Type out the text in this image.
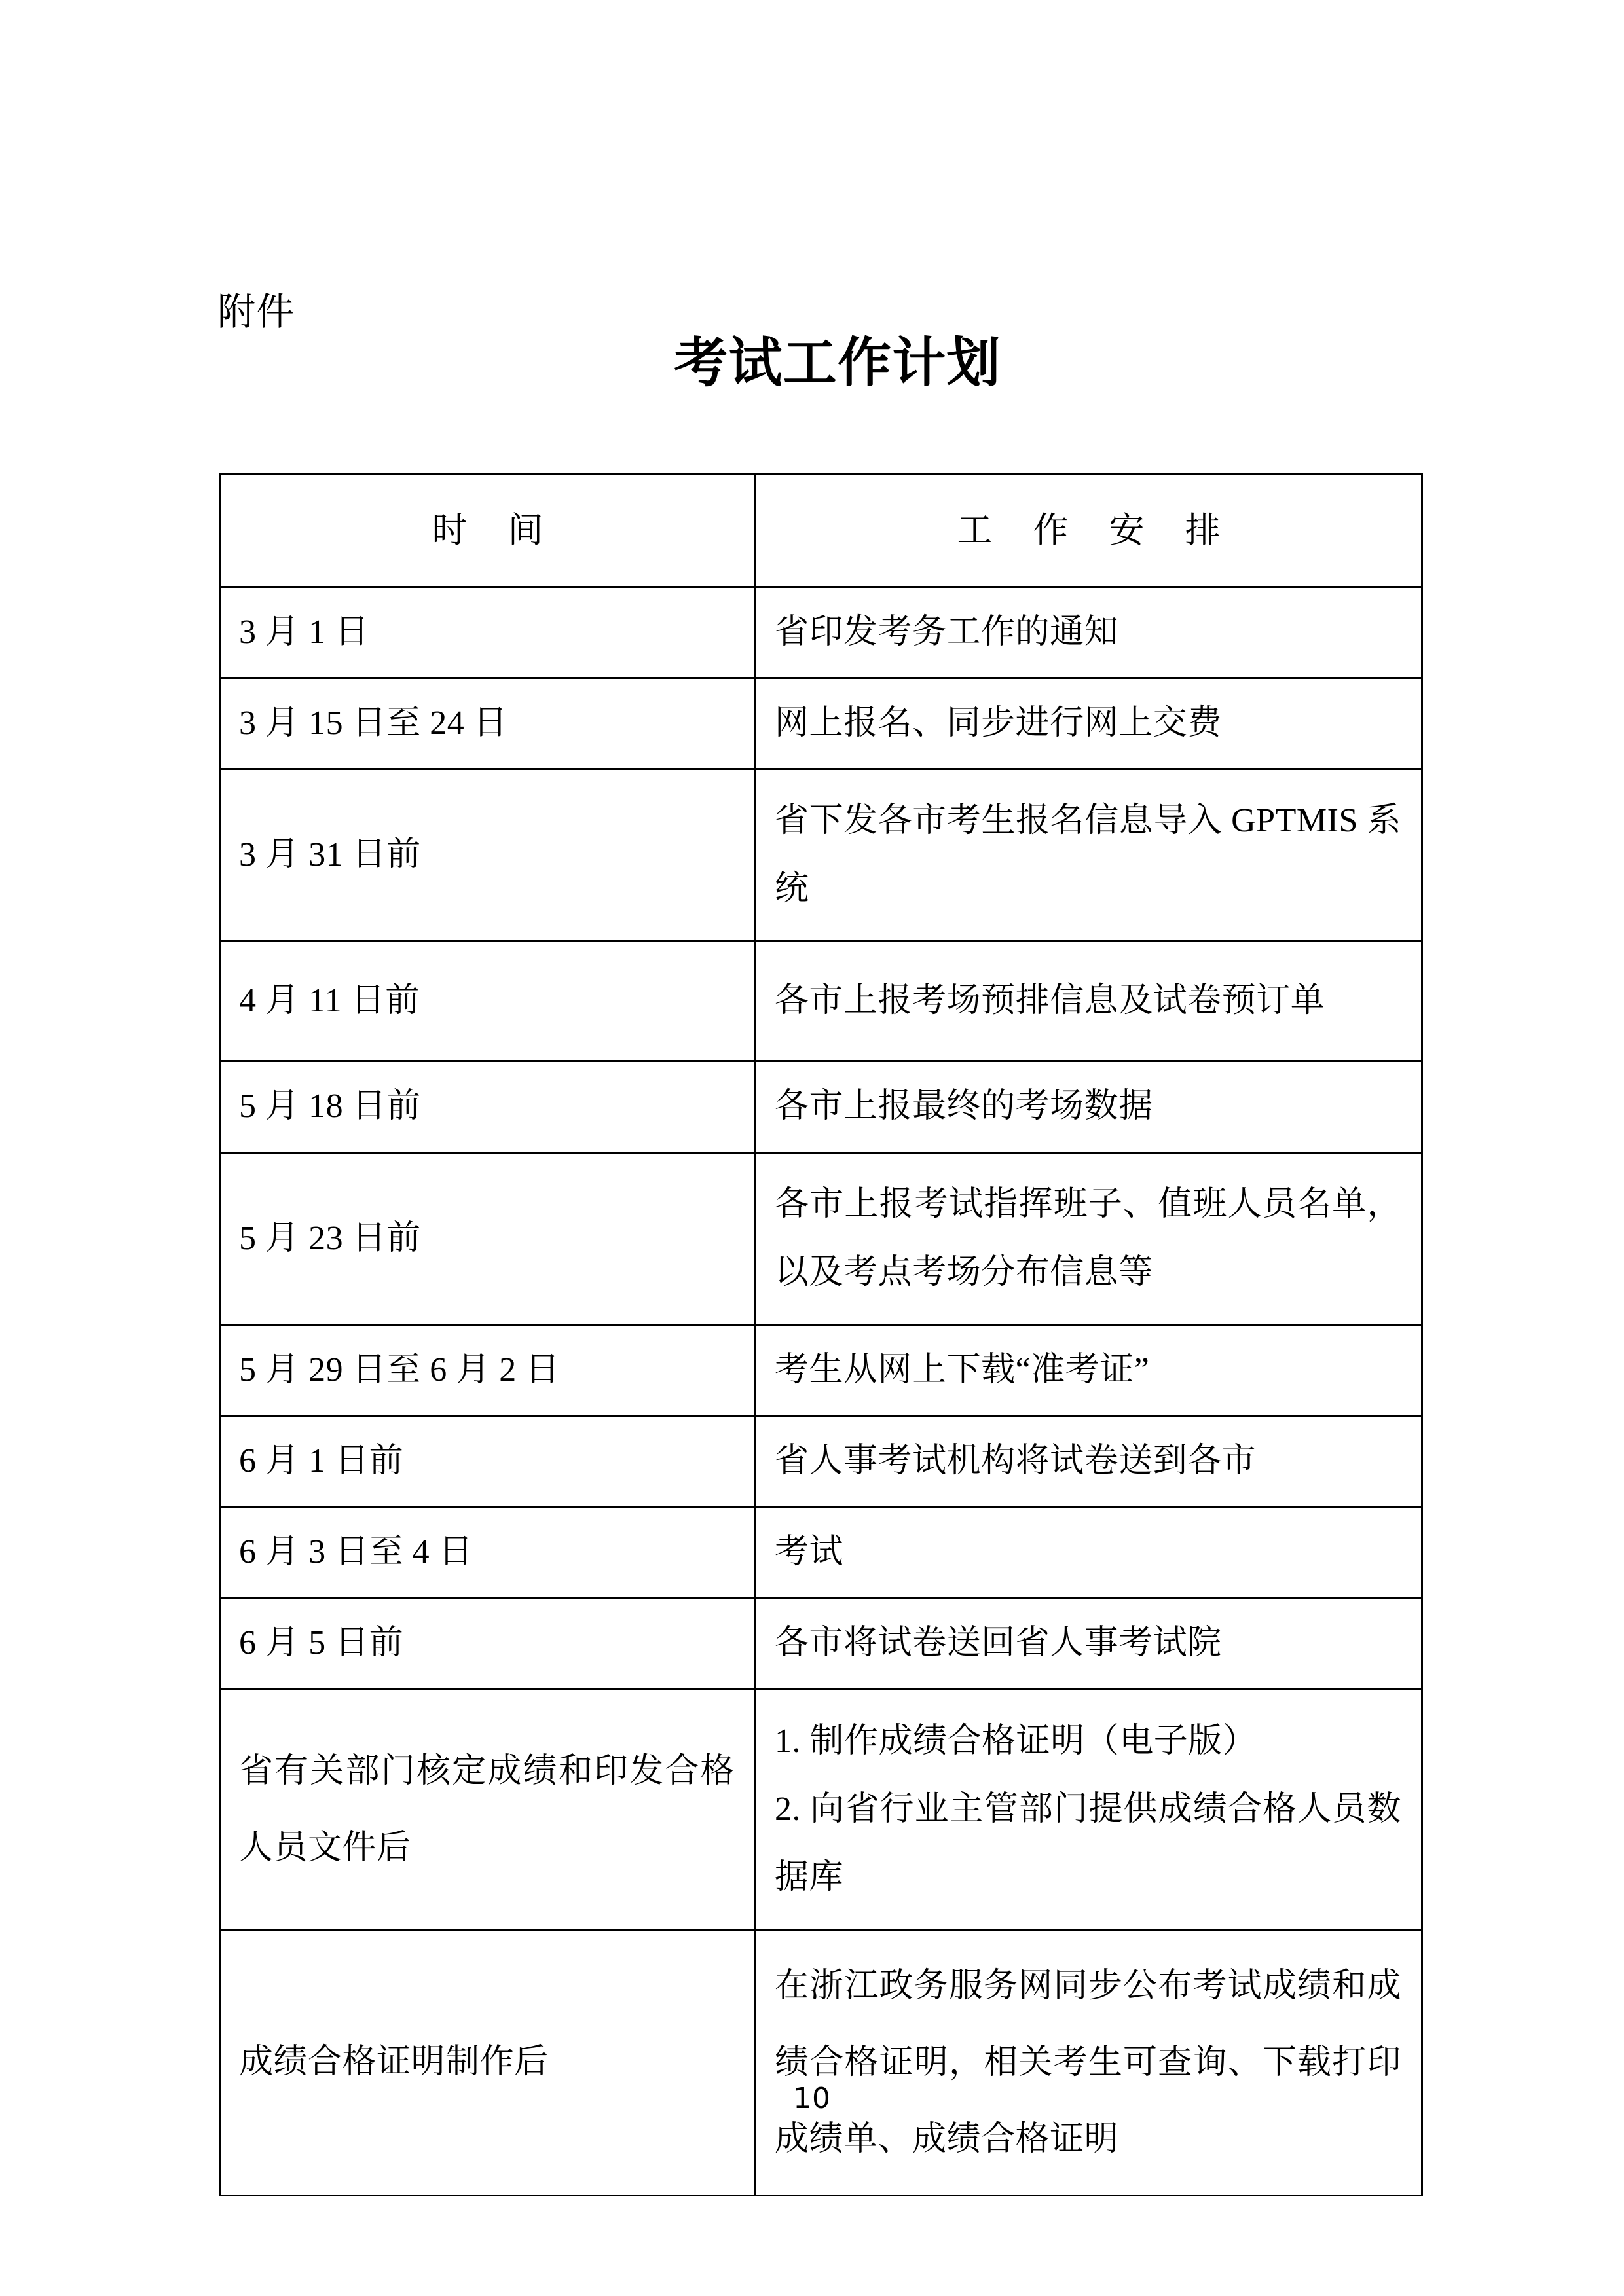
附件
考试工作计划
时 间	工 作 安 排

3 月 1 日	省印发考务工作的通知

3 月 15 日至 24 日	网上报名、同步进行网上交费

3 月 31 日前	省下发各市考生报名信息导入 GPTMIS 系统

4 月 11 日前	各市上报考场预排信息及试卷预订单

5 月 18 日前	各市上报最终的考场数据

5 月 23 日前	各市上报考试指挥班子、值班人员名单，以及考点考场分布信息等

5 月 29 日至 6 月 2 日	考生从网上下载“准考证”

6 月 1 日前	省人事考试机构将试卷送到各市

6 月 3 日至 4 日	考试

6 月 5 日前	各市将试卷送回省人事考试院

省有关部门核定成绩和印发合格人员文件后	1. 制作成绩合格证明（电子版）
2. 向省行业主管部门提供成绩合格人员数据库

成绩合格证明制作后	在浙江政务服务网同步公布考试成绩和成绩合格证明，相关考生可查询、下载打印成绩单、成绩合格证明
10
